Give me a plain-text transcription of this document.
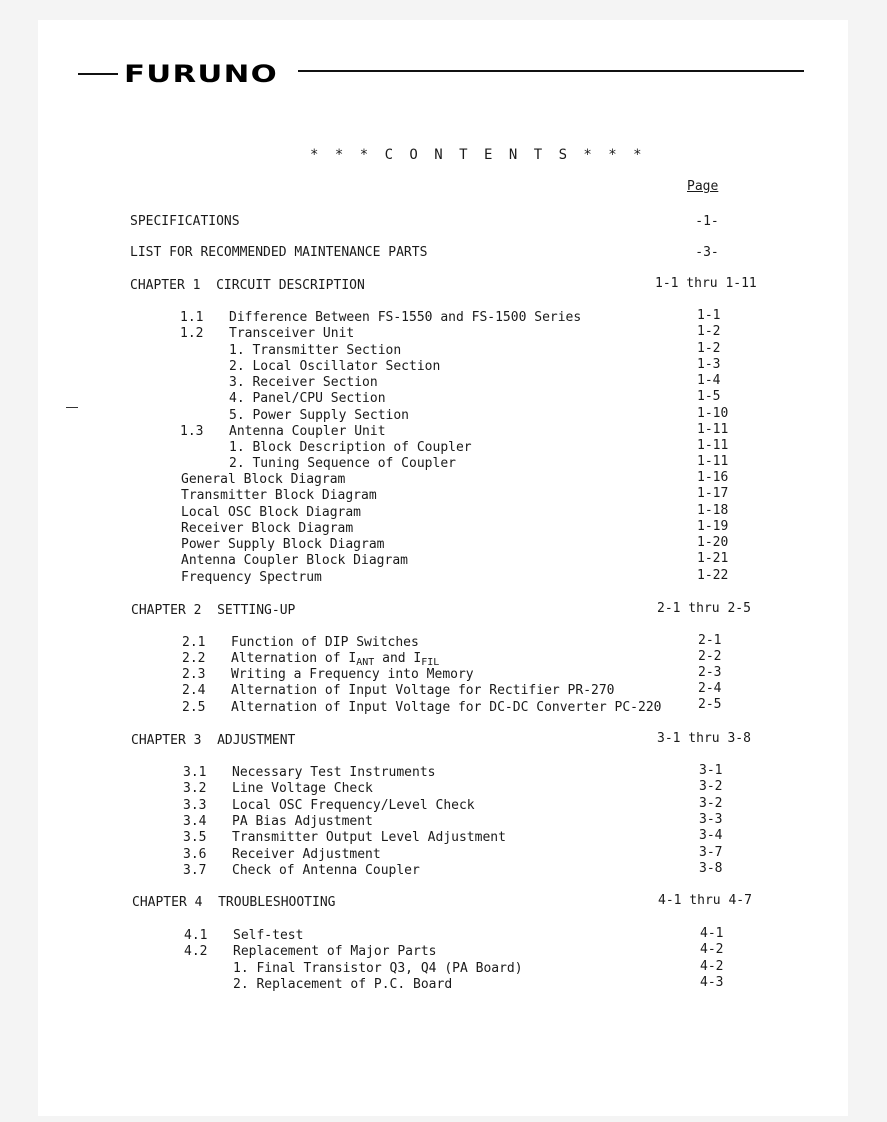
FURUNO
* * * C O N T E N T S * * *
Page
SPECIFICATIONS	-1-
LIST FOR RECOMMENDED MAINTENANCE PARTS	-3-
CHAPTER 1  CIRCUIT DESCRIPTION	1-1 thru 1-11
1.1 Difference Between FS-1550 and FS-1500 Series	1-1
1.2 Transceiver Unit	1-2
1. Transmitter Section	1-2
2. Local Oscillator Section	1-3
3. Receiver Section	1-4
4. Panel/CPU Section	1-5
5. Power Supply Section	1-10
1.3 Antenna Coupler Unit	1-11
1. Block Description of Coupler	1-11
2. Tuning Sequence of Coupler	1-11
General Block Diagram	1-16
Transmitter Block Diagram	1-17
Local OSC Block Diagram	1-18
Receiver Block Diagram	1-19
Power Supply Block Diagram	1-20
Antenna Coupler Block Diagram	1-21
Frequency Spectrum	1-22
CHAPTER 2  SETTING-UP	2-1 thru 2-5
2.1 Function of DIP Switches	2-1
2.2 Alternation of $I_{ANT}$ and $I_{FIL}$	2-2
2.3 Writing a Frequency into Memory	2-3
2.4 Alternation of Input Voltage for Rectifier PR-270	2-4
2.5 Alternation of Input Voltage for DC-DC Converter PC-220	2-5
CHAPTER 3  ADJUSTMENT	3-1 thru 3-8
3.1 Necessary Test Instruments	3-1
3.2 Line Voltage Check	3-2
3.3 Local OSC Frequency/Level Check	3-2
3.4 PA Bias Adjustment	3-3
3.5 Transmitter Output Level Adjustment	3-4
3.6 Receiver Adjustment	3-7
3.7 Check of Antenna Coupler	3-8
CHAPTER 4  TROUBLESHOOTING	4-1 thru 4-7
4.1 Self-test	4-1
4.2 Replacement of Major Parts	4-2
1. Final Transistor Q3, Q4 (PA Board)	4-2
2. Replacement of P.C. Board	4-3
